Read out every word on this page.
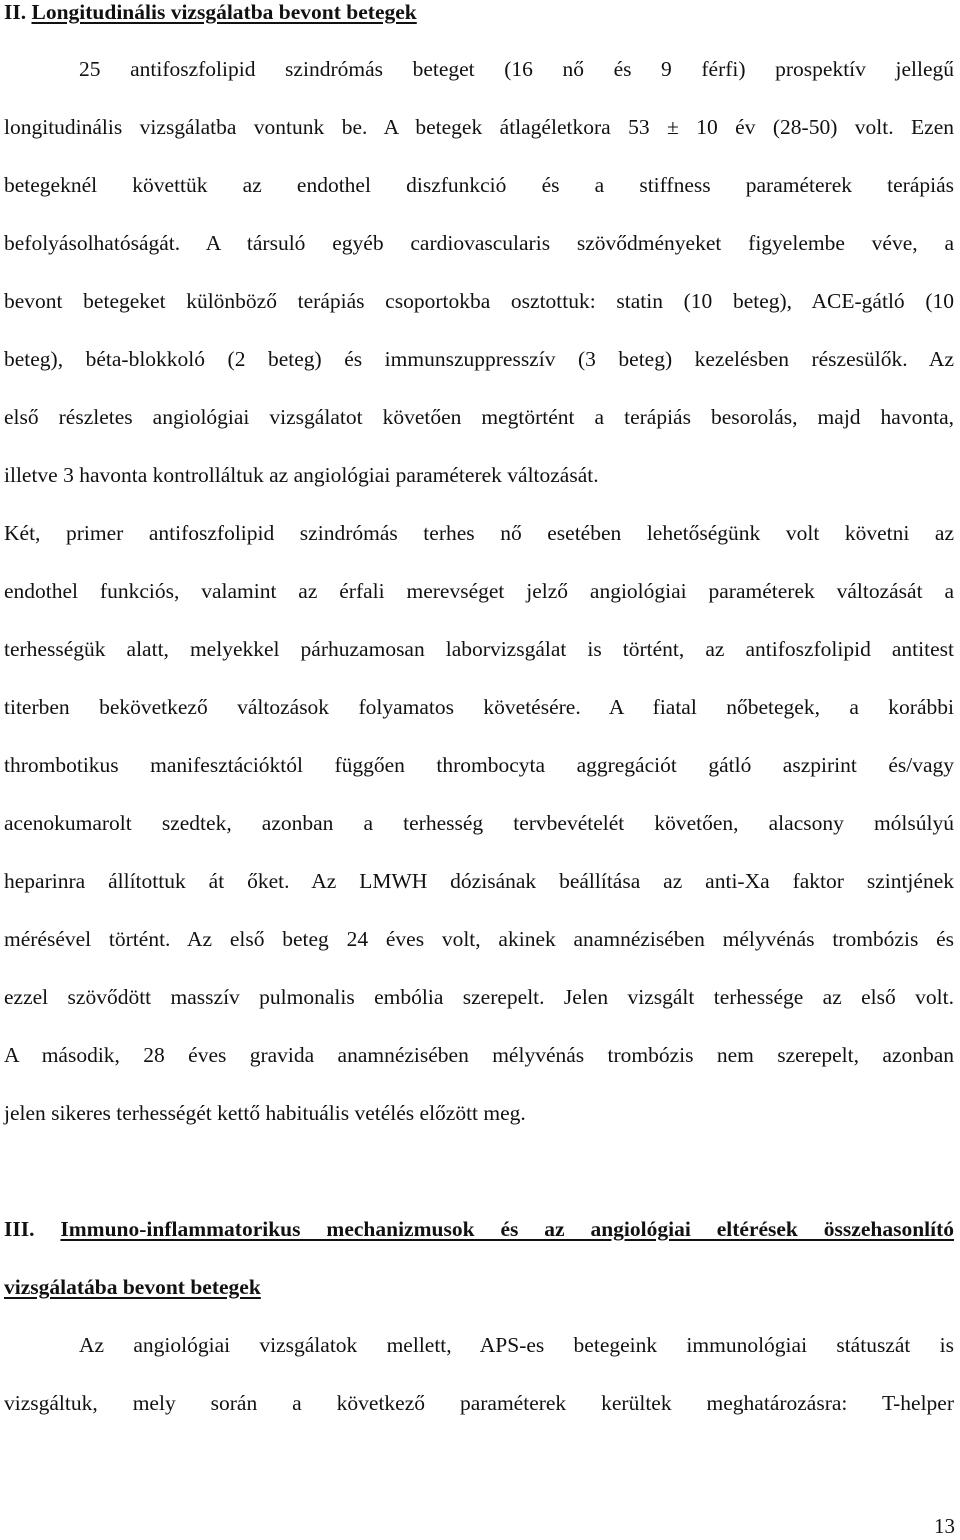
II. Longitudinális vizsgálatba bevont betegek
25 antifoszfolipid szindrómás beteget (16 nő és 9 férfi) prospektív jellegű
longitudinális vizsgálatba vontunk be. A betegek átlagéletkora 53 ± 10 év (28-50) volt. Ezen
betegeknél követtük az endothel diszfunkció és a stiffness paraméterek terápiás
befolyásolhatóságát. A társuló egyéb cardiovascularis szövődményeket figyelembe véve, a
bevont betegeket különböző terápiás csoportokba osztottuk: statin (10 beteg), ACE-gátló (10
beteg), béta-blokkoló (2 beteg) és immunszuppresszív (3 beteg) kezelésben részesülők. Az
első részletes angiológiai vizsgálatot követően megtörtént a terápiás besorolás, majd havonta,
illetve 3 havonta kontrolláltuk az angiológiai paraméterek változását.
Két, primer antifoszfolipid szindrómás terhes nő esetében lehetőségünk volt követni az
endothel funkciós, valamint az érfali merevséget jelző angiológiai paraméterek változását a
terhességük alatt, melyekkel párhuzamosan laborvizsgálat is történt, az antifoszfolipid antitest
titerben bekövetkező változások folyamatos követésére. A fiatal nőbetegek, a korábbi
thrombotikus manifesztációktól függően thrombocyta aggregációt gátló aszpirint és/vagy
acenokumarolt szedtek, azonban a terhesség tervbevételét követően, alacsony mólsúlyú
heparinra állítottuk át őket. Az LMWH dózisának beállítása az anti-Xa faktor szintjének
mérésével történt. Az első beteg 24 éves volt, akinek anamnézisében mélyvénás trombózis és
ezzel szövődött masszív pulmonalis embólia szerepelt. Jelen vizsgált terhessége az első volt.
A második, 28 éves gravida anamnézisében mélyvénás trombózis nem szerepelt, azonban
jelen sikeres terhességét kettő habituális vetélés előzött meg.
III. Immuno-inflammatorikus mechanizmusok és az angiológiai eltérések összehasonlító
vizsgálatába bevont betegek
Az angiológiai vizsgálatok mellett, APS-es betegeink immunológiai státuszát is
vizsgáltuk, mely során a következő paraméterek kerültek meghatározásra: T-helper
13
